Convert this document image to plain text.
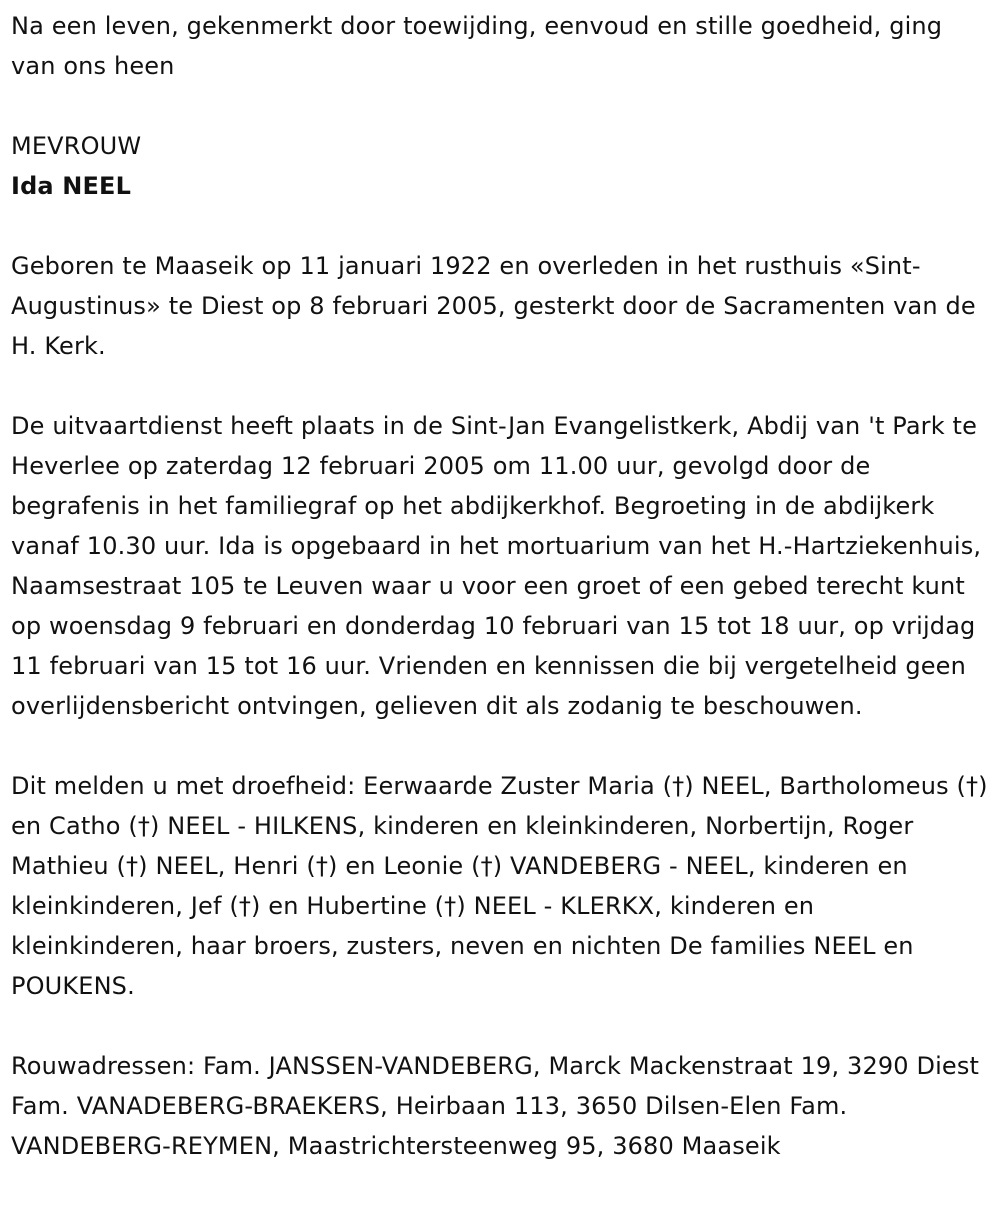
Na een leven, gekenmerkt door toewijding, eenvoud en stille goedheid, ging van ons heen

MEVROUW

Ida NEEL

Geboren te Maaseik op 11 januari 1922 en overleden in het rusthuis «Sint-Augustinus» te Diest op 8 februari 2005, gesterkt door de Sacramenten van de H. Kerk.

De uitvaartdienst heeft plaats in de Sint-Jan Evangelistkerk, Abdij van 't Park te Heverlee op zaterdag 12 februari 2005 om 11.00 uur, gevolgd door de begrafenis in het familiegraf op het abdijkerkhof. Begroeting in de abdijkerk vanaf 10.30 uur. Ida is opgebaard in het mortuarium van het H.-Hartziekenhuis, Naamsestraat 105 te Leuven waar u voor een groet of een gebed terecht kunt op woensdag 9 februari en donderdag 10 februari van 15 tot 18 uur, op vrijdag 11 februari van 15 tot 16 uur. Vrienden en kennissen die bij vergetelheid geen overlijdensbericht ontvingen, gelieven dit als zodanig te beschouwen.

Dit melden u met droefheid: Eerwaarde Zuster Maria (†) NEEL, Bartholomeus (†) en Catho (†) NEEL - HILKENS, kinderen en kleinkinderen, Norbertijn, Roger Mathieu (†) NEEL, Henri (†) en Leonie (†) VANDEBERG - NEEL, kinderen en kleinkinderen, Jef (†) en Hubertine (†) NEEL - KLERKX, kinderen en kleinkinderen, haar broers, zusters, neven en nichten De families NEEL en POUKENS.

Rouwadressen: Fam. JANSSEN-VANDEBERG, Marck Mackenstraat 19, 3290 Diest Fam. VANADEBERG-BRAEKERS, Heirbaan 113, 3650 Dilsen-Elen Fam. VANDEBERG-REYMEN, Maastrichtersteenweg 95, 3680 Maaseik
